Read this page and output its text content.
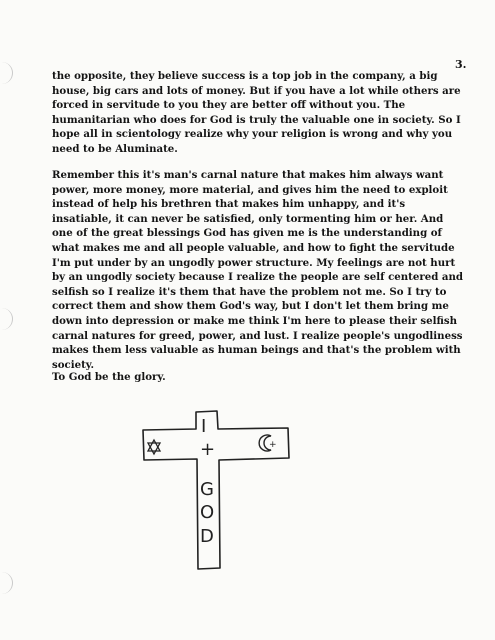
3.

the opposite, they believe success is a top job in the company, a big house, big cars and lots of money. But if you have a lot while others are forced in servitude to you they are better off without you. The humanitarian who does for God is truly the valuable one in society. So I hope all in scientology realize why your religion is wrong and why you need to be Aluminate.

Remember this it's man's carnal nature that makes him always want power, more money, more material, and gives him the need to exploit instead of help his brethren that makes him unhappy, and it's insatiable, it can never be satisfied, only tormenting him or her. And one of the great blessings God has given me is the understanding of what makes me and all people valuable, and how to fight the servitude I'm put under by an ungodly power structure. My feelings are not hurt by an ungodly society because I realize the people are self centered and selfish so I realize it's them that have the problem not me. So I try to correct them and show them God's way, but I don't let them bring me down into depression or make me think I'm here to please their selfish carnal natures for greed, power, and lust. I realize people's ungodliness makes them less valuable as human beings and that's the problem with society.

To God be the glory.

+
I
+
G
O
D
